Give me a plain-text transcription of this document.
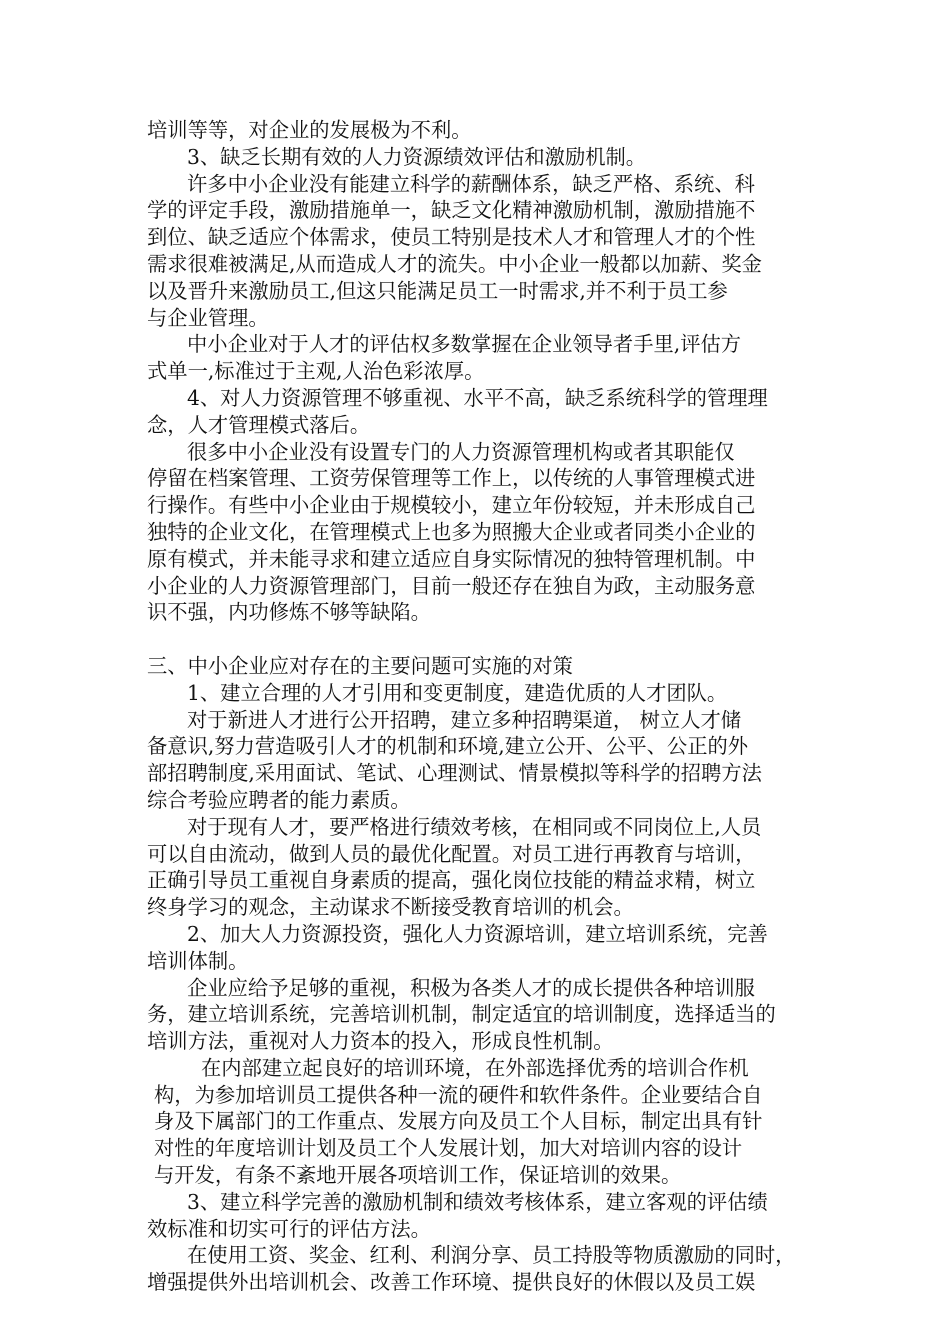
培训等等，对企业的发展极为不利。

3、缺乏长期有效的人力资源绩效评估和激励机制。

许多中小企业没有能建立科学的薪酬体系，缺乏严格、系统、科

学的评定手段，激励措施单一，缺乏文化精神激励机制，激励措施不

到位、缺乏适应个体需求，使员工特别是技术人才和管理人才的个性

需求很难被满足,从而造成人才的流失。中小企业一般都以加薪、奖金

以及晋升来激励员工,但这只能满足员工一时需求,并不利于员工参

与企业管理。

中小企业对于人才的评估权多数掌握在企业领导者手里,评估方

式单一,标准过于主观,人治色彩浓厚。

4、对人力资源管理不够重视、水平不高，缺乏系统科学的管理理

念，人才管理模式落后。

很多中小企业没有设置专门的人力资源管理机构或者其职能仅

停留在档案管理、工资劳保管理等工作上，以传统的人事管理模式进

行操作。有些中小企业由于规模较小，建立年份较短，并未形成自己

独特的企业文化，在管理模式上也多为照搬大企业或者同类小企业的

原有模式，并未能寻求和建立适应自身实际情况的独特管理机制。中

小企业的人力资源管理部门，目前一般还存在独自为政，主动服务意

识不强，内功修炼不够等缺陷。

三、中小企业应对存在的主要问题可实施的对策

1、建立合理的人才引用和变更制度，建造优质的人才团队。

对于新进人才进行公开招聘，建立多种招聘渠道， 树立人才储

备意识,努力营造吸引人才的机制和环境,建立公开、公平、公正的外

部招聘制度,采用面试、笔试、心理测试、情景模拟等科学的招聘方法

综合考验应聘者的能力素质。

对于现有人才，要严格进行绩效考核，在相同或不同岗位上,人员

可以自由流动，做到人员的最优化配置。对员工进行再教育与培训，

正确引导员工重视自身素质的提高，强化岗位技能的精益求精，树立

终身学习的观念，主动谋求不断接受教育培训的机会。

2、加大人力资源投资，强化人力资源培训，建立培训系统，完善

培训体制。

企业应给予足够的重视，积极为各类人才的成长提供各种培训服

务，建立培训系统，完善培训机制，制定适宜的培训制度，选择适当的

培训方法，重视对人力资本的投入，形成良性机制。

在内部建立起良好的培训环境，在外部选择优秀的培训合作机

构，为参加培训员工提供各种一流的硬件和软件条件。企业要结合自

身及下属部门的工作重点、发展方向及员工个人目标，制定出具有针

对性的年度培训计划及员工个人发展计划，加大对培训内容的设计

与开发，有条不紊地开展各项培训工作，保证培训的效果。

3、建立科学完善的激励机制和绩效考核体系，建立客观的评估绩

效标准和切实可行的评估方法。

在使用工资、奖金、红利、利润分享、员工持股等物质激励的同时，

增强提供外出培训机会、改善工作环境、提供良好的休假以及员工娱
